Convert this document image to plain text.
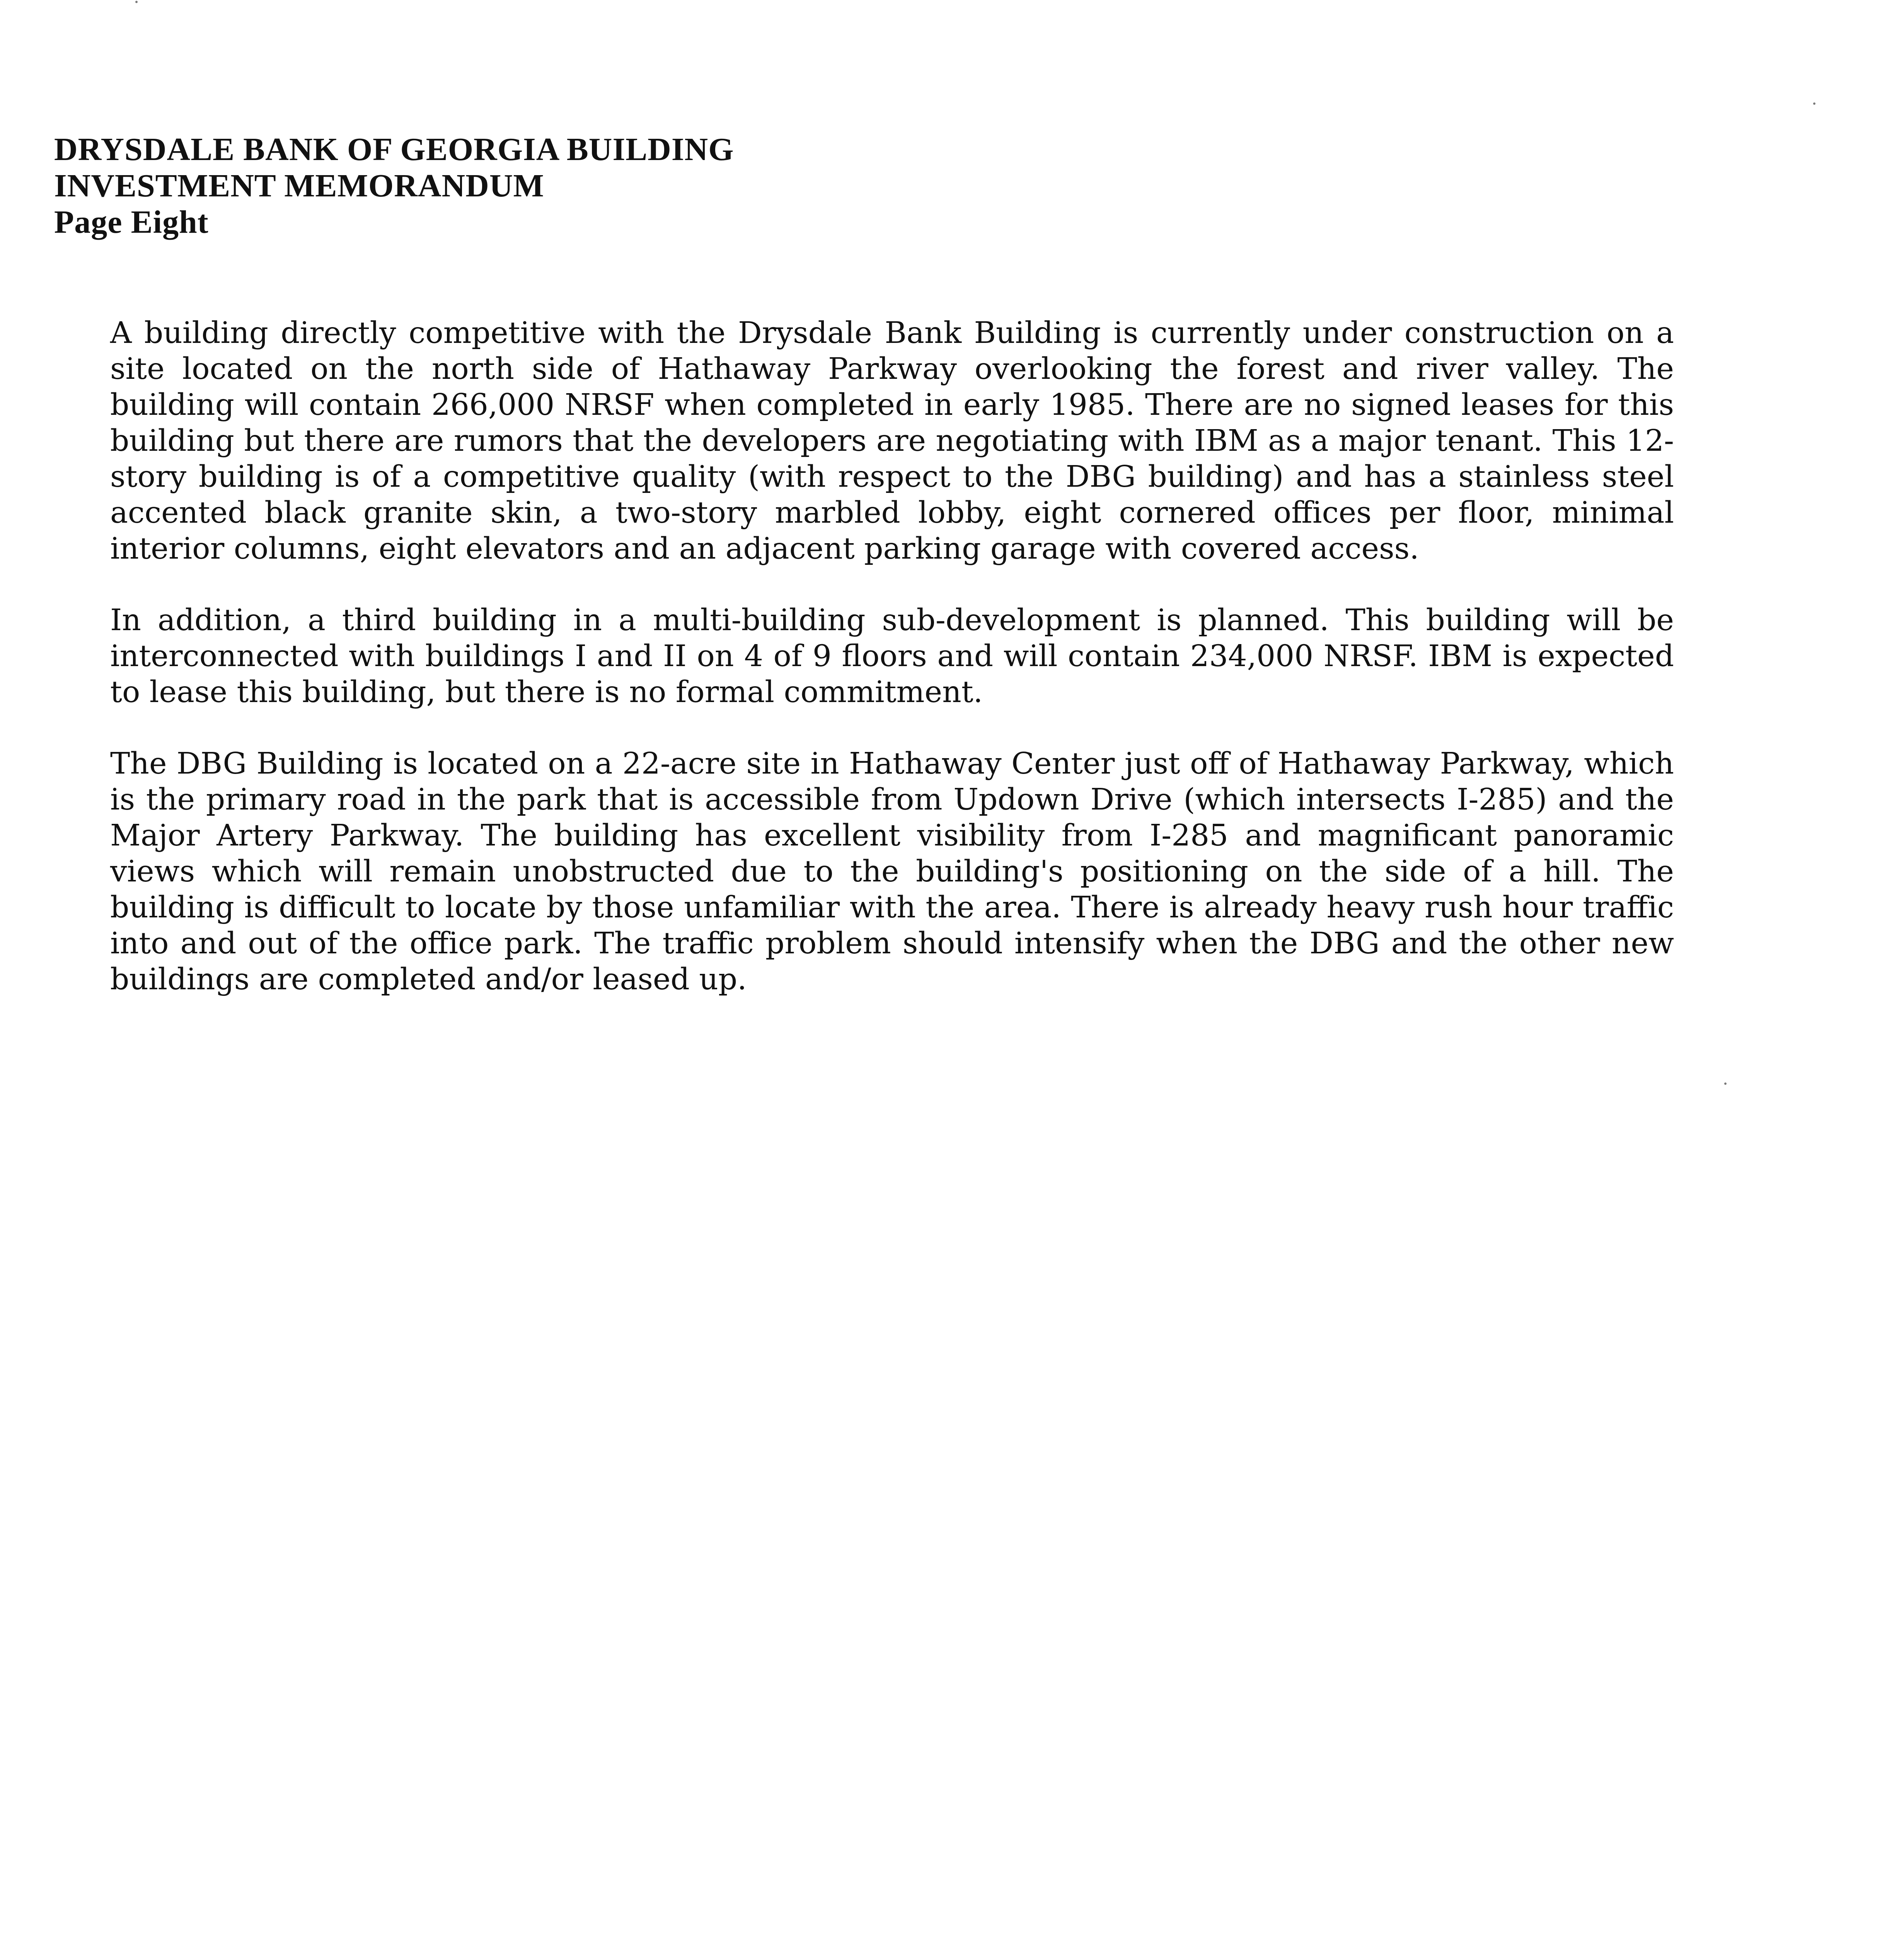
DRYSDALE BANK OF GEORGIA BUILDING
INVESTMENT MEMORANDUM
Page Eight

A building directly competitive with the Drysdale Bank Building is currently under construction on a site located on the north side of Hathaway Parkway overlooking the forest and river valley. The building will contain 266,000 NRSF when completed in early 1985. There are no signed leases for this building but there are rumors that the developers are negotiating with IBM as a major tenant. This 12-story building is of a competitive quality (with respect to the DBG building) and has a stainless steel accented black granite skin, a two-story marbled lobby, eight cornered offices per floor, minimal interior columns, eight elevators and an adjacent parking garage with covered access.

In addition, a third building in a multi-building sub-development is planned. This building will be interconnected with buildings I and II on 4 of 9 floors and will contain 234,000 NRSF. IBM is expected to lease this building, but there is no formal commitment.

The DBG Building is located on a 22-acre site in Hathaway Center just off of Hathaway Parkway, which is the primary road in the park that is accessible from Updown Drive (which intersects I-285) and the Major Artery Parkway. The building has excellent visibility from I-285 and magnificant panoramic views which will remain unobstructed due to the building's positioning on the side of a hill. The building is difficult to locate by those unfamiliar with the area. There is already heavy rush hour traffic into and out of the office park. The traffic problem should intensify when the DBG and the other new buildings are completed and/or leased up.
